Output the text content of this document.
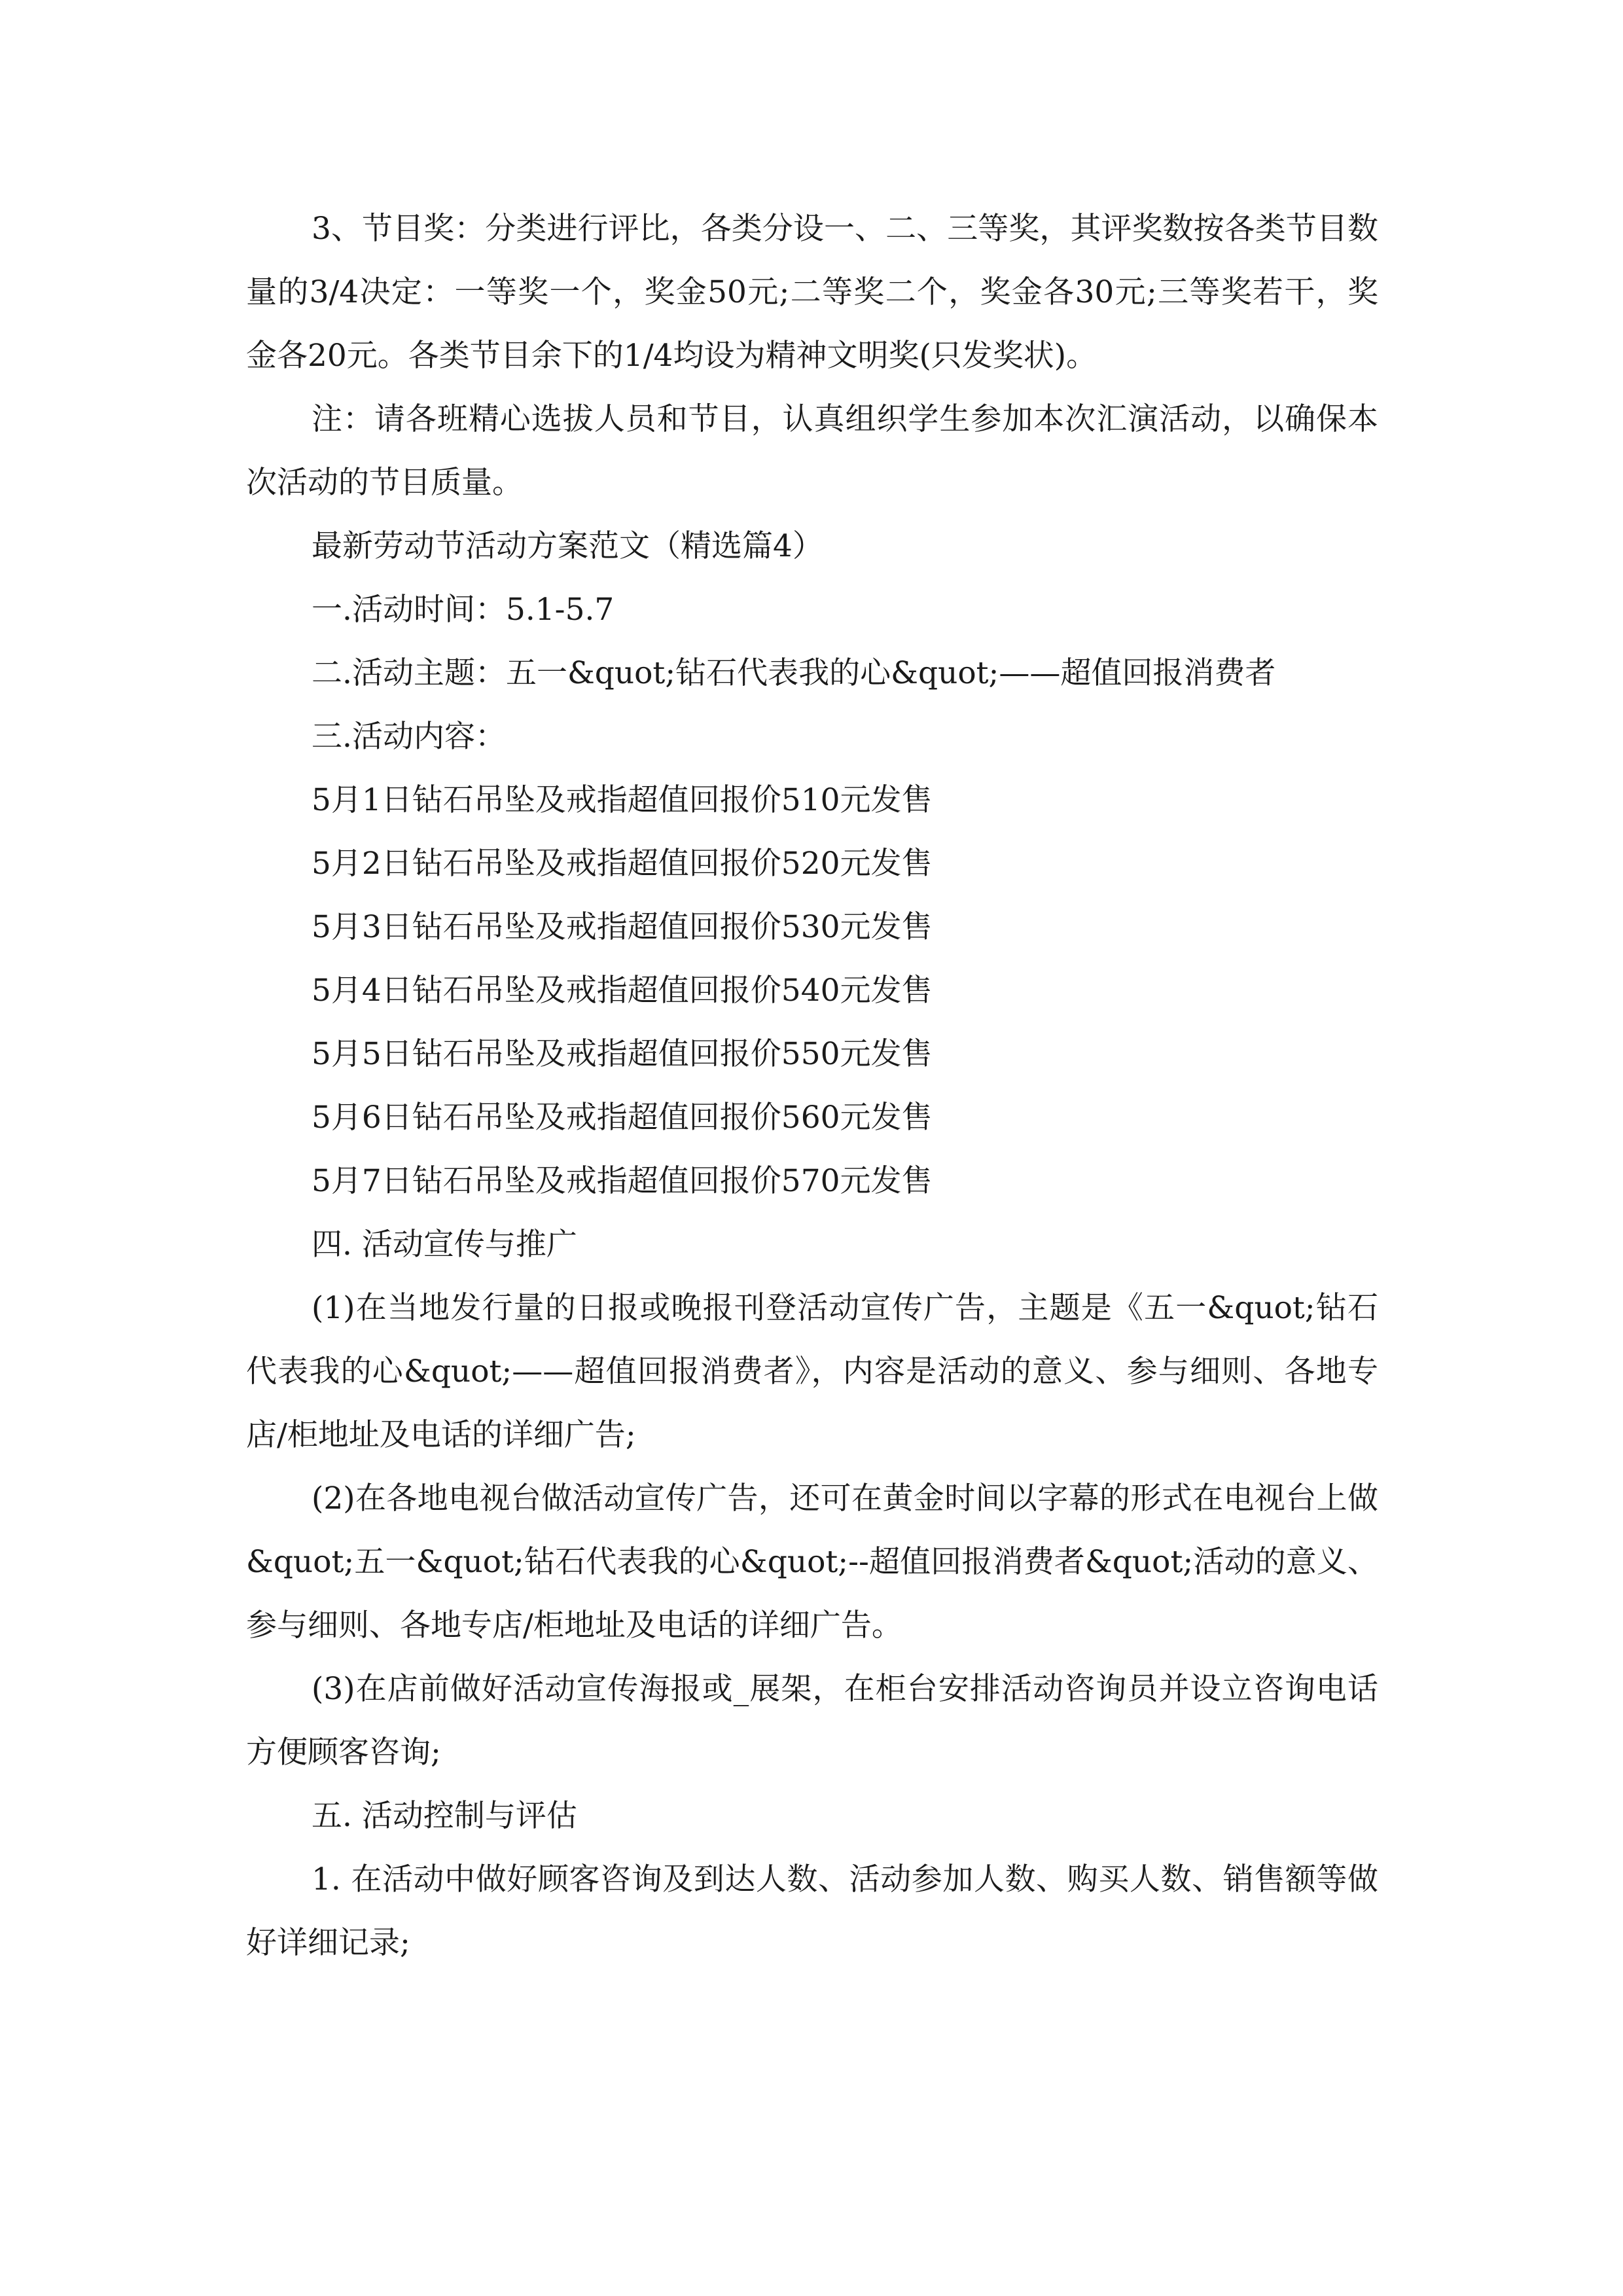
3、节目奖：分类进行评比，各类分设一、二、三等奖，其评奖数按各类节目数量的3/4决定：一等奖一个，奖金50元;二等奖二个，奖金各30元;三等奖若干，奖金各20元。各类节目余下的1/4均设为精神文明奖(只发奖状)。

注：请各班精心选拔人员和节目，认真组织学生参加本次汇演活动，以确保本次活动的节目质量。

最新劳动节活动方案范文（精选篇4）

一.活动时间：5.1-5.7

二.活动主题：五一&quot;钻石代表我的心&quot;——超值回报消费者

三.活动内容：

5月1日钻石吊坠及戒指超值回报价510元发售

5月2日钻石吊坠及戒指超值回报价520元发售

5月3日钻石吊坠及戒指超值回报价530元发售

5月4日钻石吊坠及戒指超值回报价540元发售

5月5日钻石吊坠及戒指超值回报价550元发售

5月6日钻石吊坠及戒指超值回报价560元发售

5月7日钻石吊坠及戒指超值回报价570元发售

四. 活动宣传与推广

(1)在当地发行量的日报或晚报刊登活动宣传广告，主题是《五一&quot;钻石代表我的心&quot;——超值回报消费者》，内容是活动的意义、参与细则、各地专店/柜地址及电话的详细广告;

(2)在各地电视台做活动宣传广告，还可在黄金时间以字幕的形式在电视台上做&quot;五一&quot;钻石代表我的心&quot;--超值回报消费者&quot;活动的意义、参与细则、各地专店/柜地址及电话的详细广告。

(3)在店前做好活动宣传海报或_展架，在柜台安排活动咨询员并设立咨询电话方便顾客咨询;

五. 活动控制与评估

1. 在活动中做好顾客咨询及到达人数、活动参加人数、购买人数、销售额等做好详细记录;
